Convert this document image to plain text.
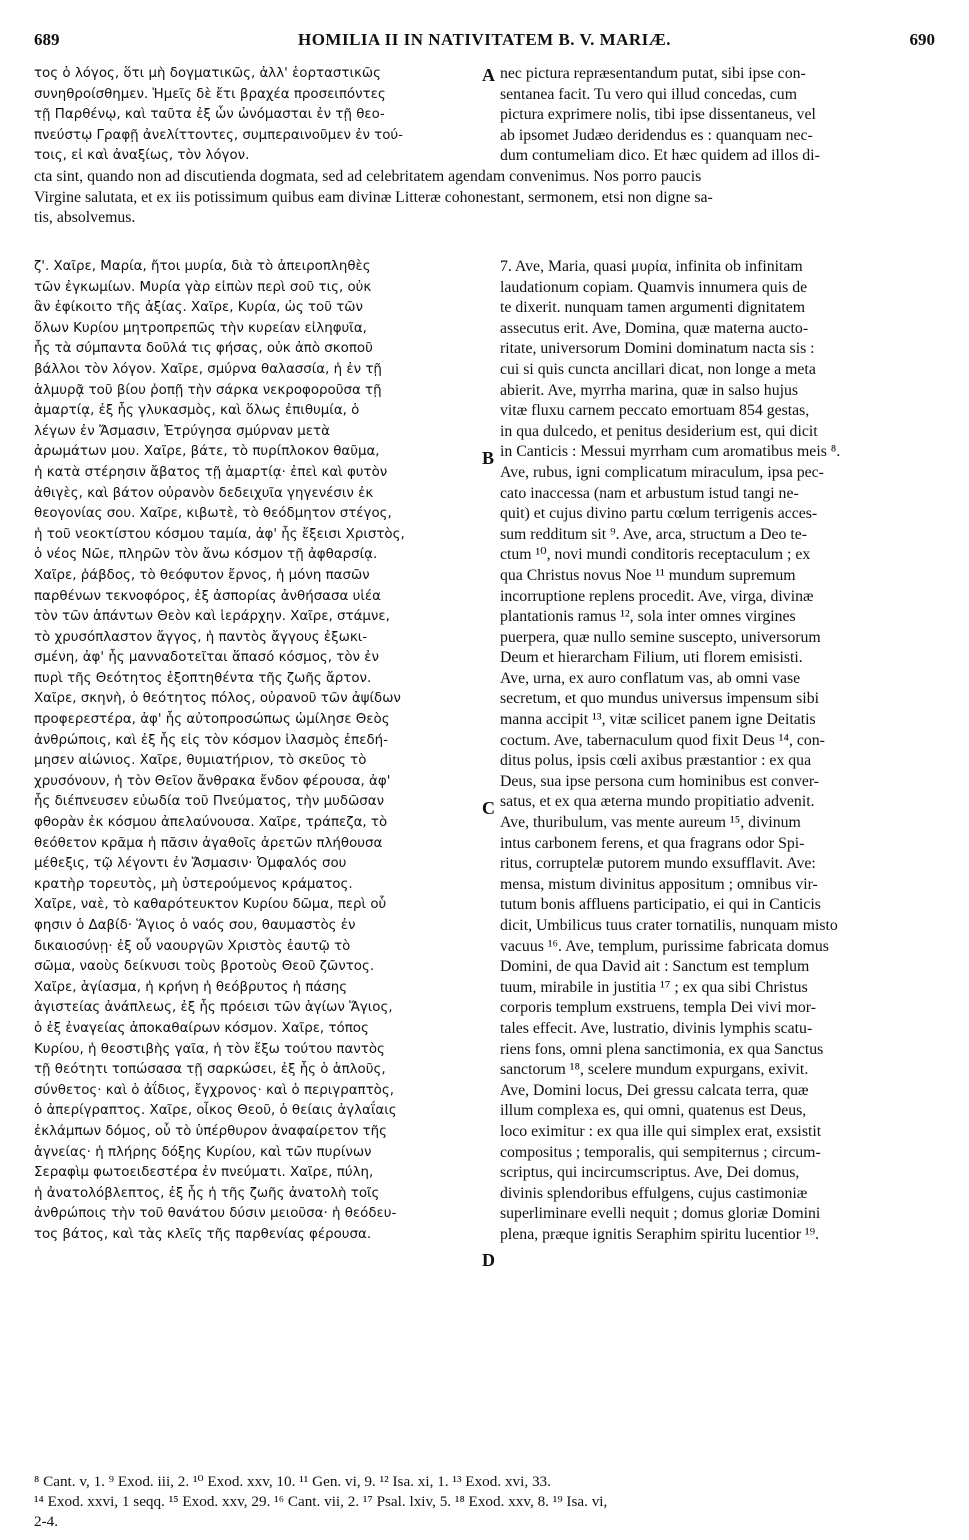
689	HOMILIA II IN NATIVITATEM B. V. MARIÆ.	690
τος ὁ λόγος, ὅτι μὴ δογματικῶς, ἀλλ' ἑορταστικῶς
συνηθροίσθημεν. Ἡμεῖς δὲ ἔτι βραχέα προσειπόντες
τῇ Παρθένῳ, καὶ ταῦτα ἐξ ὧν ὠνόμασται ἐν τῇ θεο-
πνεύστῳ Γραφῇ ἀνελίττοντες, συμπεραινοῦμεν ἐν τού-
τοις, εἰ καὶ ἀναξίως, τὸν λόγον.
nec pictura repræsentandum putat, sibi ipse con-
sentanea facit. Tu vero qui illud concedas, cum
pictura exprimere nolis, tibi ipse dissentaneus, vel
ab ipsomet Judæo deridendus es : quanquam nec-
dum contumeliam dico. Et hæc quidem ad illos di-
cta sint, quando non ad discutienda dogmata, sed ad celebritatem agendam convenimus. Nos porro paucis
Virgine salutata, et ex iis potissimum quibus eam divinæ Litteræ cohonestant, sermonem, etsi non digne sa-
tis, absolvemus.
ζ'. Χαῖρε, Μαρία, ἤτοι μυρία, διὰ τὸ ἀπειροπληθὲς
τῶν ἐγκωμίων. Μυρία γὰρ εἰπὼν περὶ σοῦ τις, οὐκ
ἂν ἐφίκοιτο τῆς ἀξίας. Χαῖρε, Κυρία, ὡς τοῦ τῶν
ὅλων Κυρίου μητροπρεπῶς τὴν κυρείαν εἰληφυῖα,
ἧς τὰ σύμπαντα δοῦλά τις φήσας, οὐκ ἀπὸ σκοποῦ
βάλλοι τὸν λόγον. Χαῖρε, σμύρνα θαλασσία, ἡ ἐν τῇ
ἁλμυρᾷ τοῦ βίου ῥοπῇ τὴν σάρκα νεκροφοροῦσα τῇ
ἁμαρτίᾳ, ἐξ ἧς γλυκασμὸς, καὶ ὅλως ἐπιθυμία, ὁ
λέγων ἐν Ἄσμασιν, Ἐτρύγησα σμύρναν μετὰ
ἀρωμάτων μου. Χαῖρε, βάτε, τὸ πυρίπλοκον θαῦμα,
ἡ κατὰ στέρησιν ἄβατος τῇ ἁμαρτίᾳ· ἐπεὶ καὶ φυτὸν
ἀθιγὲς, καὶ βάτον οὐρανὸν δεδειχυῖα γηγενέσιν ἐκ
θεογονίας σου. Χαῖρε, κιβωτὲ, τὸ θεόδμητον στέγος,
ἡ τοῦ νεοκτίστου κόσμου ταμία, ἀφ' ἧς ἔξεισι Χριστὸς,
ὁ νέος Νῶε, πληρῶν τὸν ἄνω κόσμον τῇ ἀφθαρσίᾳ.
Χαῖρε, ῥάβδος, τὸ θεόφυτον ἔρνος, ἡ μόνη πασῶν
παρθένων τεκνοφόρος, ἐξ ἀσπορίας ἀνθήσασα υἱέα
τὸν τῶν ἁπάντων Θεὸν καὶ ἱεράρχην. Χαῖρε, στάμνε,
τὸ χρυσόπλαστον ἄγγος, ἡ παντὸς ἄγγους ἐξωκι-
σμένη, ἀφ' ἧς μανναδοτεῖται ἅπασό κόσμος, τὸν ἐν
πυρὶ τῆς Θεότητος ἐξοπτηθέντα τῆς ζωῆς ἄρτον.
Χαῖρε, σκηνὴ, ὁ θεότητος πόλος, οὐρανοῦ τῶν ἀψίδων
προφερεστέρα, ἀφ' ἧς αὐτοπροσώπως ὡμίλησε Θεὸς
ἀνθρώποις, καὶ ἐξ ἧς εἰς τὸν κόσμον ἱλασμὸς ἐπεδή-
μησεν αἰώνιος. Χαῖρε, θυμιατήριον, τὸ σκεῦος τὸ
χρυσόνουν, ἡ τὸν Θεῖον ἄνθρακα ἔνδον φέρουσα, ἀφ'
ἧς διέπνευσεν εὐωδία τοῦ Πνεύματος, τὴν μυδῶσαν
φθορὰν ἐκ κόσμου ἀπελαύνουσα. Χαῖρε, τράπεζα, τὸ
θεόθετον κρᾶμα ἡ πᾶσιν ἀγαθοῖς ἀρετῶν πλήθουσα
μέθεξις, τῷ λέγοντι ἐν Ἄσμασιν· Ὀμφαλός σου
κρατὴρ τορευτὸς, μὴ ὑστερούμενος κράματος.
Χαῖρε, ναὲ, τὸ καθαρότευκτον Κυρίου δῶμα, περὶ οὗ
φησιν ὁ Δαβίδ· Ἅγιος ὁ ναός σου, θαυμαστὸς ἐν
δικαιοσύνῃ· ἐξ οὗ ναουργῶν Χριστὸς ἑαυτῷ τὸ
σῶμα, ναοὺς δείκνυσι τοὺς βροτοὺς Θεοῦ ζῶντος.
Χαῖρε, ἁγίασμα, ἡ κρήνη ἡ θεόβρυτος ἡ πάσης
ἁγιστείας ἀνάπλεως, ἐξ ἧς πρόεισι τῶν ἁγίων Ἅγιος,
ὁ ἐξ ἐναγείας ἀποκαθαίρων κόσμον. Χαῖρε, τόπος
Κυρίου, ἡ θεοστιβὴς γαῖα, ἡ τὸν ἔξω τούτου παντὸς
τῇ θεότητι τοπώσασα τῇ σαρκώσει, ἐξ ἧς ὁ ἁπλοῦς,
σύνθετος· καὶ ὁ ἀΐδιος, ἔγχρονος· καὶ ὁ περιγραπτὸς,
ὁ ἀπερίγραπτος. Χαῖρε, οἶκος Θεοῦ, ὁ θείαις ἀγλαΐαις
ἐκλάμπων δόμος, οὗ τὸ ὑπέρθυρον ἀναφαίρετον τῆς
ἁγνείας· ἡ πλήρης δόξης Κυρίου, καὶ τῶν πυρίνων
Σεραφὶμ φωτοειδεστέρα ἐν πνεύματι. Χαῖρε, πύλη,
ἡ ἀνατολόβλεπτος, ἐξ ἧς ἡ τῆς ζωῆς ἀνατολὴ τοῖς
ἀνθρώποις τὴν τοῦ θανάτου δύσιν μειοῦσα· ἡ θεόδευ-
τος βάτος, καὶ τὰς κλεῖς τῆς παρθενίας φέρουσα.
7. Ave, Maria, quasi μυρία, infinita ob infinitam
laudationum copiam. Quamvis innumera quis de
te dixerit. nunquam tamen argumenti dignitatem
assecutus erit. Ave, Domina, quæ materna aucto-
ritate, universorum Domini dominatum nacta sis :
cui si quis cuncta ancillari dicat, non longe a meta
abierit. Ave, myrrha marina, quæ in salso hujus
vitæ fluxu carnem peccato emortuam 854 gestas,
in qua dulcedo, et penitus desiderium est, qui dicit
in Canticis : Messui myrrham cum aromatibus meis ⁸.
Ave, rubus, igni complicatum miraculum, ipsa pec-
cato inaccessa (nam et arbustum istud tangi ne-
quit) et cujus divino partu cœlum terrigenis acces-
sum redditum sit ⁹. Ave, arca, structum a Deo te-
ctum ¹⁰, novi mundi conditoris receptaculum ; ex
qua Christus novus Noe ¹¹ mundum supremum
incorruptione replens procedit. Ave, virga, divinæ
plantationis ramus ¹², sola inter omnes virgines
puerpera, quæ nullo semine suscepto, universorum
Deum et hierarcham Filium, uti florem emisisti.
Ave, urna, ex auro conflatum vas, ab omni vase
secretum, et quo mundus universus impensum sibi
manna accipit ¹³, vitæ scilicet panem igne Deitatis
coctum. Ave, tabernaculum quod fixit Deus ¹⁴, con-
ditus polus, ipsis cœli axibus præstantior : ex qua
Deus, sua ipse persona cum hominibus est conver-
satus, et ex qua æterna mundo propitiatio advenit.
Ave, thuribulum, vas mente aureum ¹⁵, divinum
intus carbonem ferens, et qua fragrans odor Spi-
ritus, corruptelæ putorem mundo exsufflavit. Ave:
mensa, mistum divinitus appositum ; omnibus vir-
tutum bonis affluens participatio, ei qui in Canticis
dicit, Umbilicus tuus crater tornatilis, nunquam misto
vacuus ¹⁶. Ave, templum, purissime fabricata domus
Domini, de qua David ait : Sanctum est templum
tuum, mirabile in justitia ¹⁷ ; ex qua sibi Christus
corporis templum exstruens, templa Dei vivi mor-
tales effecit. Ave, lustratio, divinis lymphis scatu-
riens fons, omni plena sanctimonia, ex qua Sanctus
sanctorum ¹⁸, scelere mundum expurgans, exivit.
Ave, Domini locus, Dei gressu calcata terra, quæ
illum complexa es, qui omni, quatenus est Deus,
loco eximitur : ex qua ille qui simplex erat, exsistit
compositus ; temporalis, qui sempiternus ; circum-
scriptus, qui incircumscriptus. Ave, Dei domus,
divinis splendoribus effulgens, cujus castimoniæ
superliminare evelli nequit ; domus gloriæ Domini
plena, præque ignitis Seraphim spiritu lucentior ¹⁹.
A
B
C
D
⁸ Cant. v, 1. ⁹ Exod. iii, 2. ¹⁰ Exod. xxv, 10. ¹¹ Gen. vi, 9. ¹² Isa. xi, 1. ¹³ Exod. xvi, 33.
¹⁴ Exod. xxvi, 1 seqq. ¹⁵ Exod. xxv, 29. ¹⁶ Cant. vii, 2. ¹⁷ Psal. lxiv, 5. ¹⁸ Exod. xxv, 8. ¹⁹ Isa. vi,
2-4.
